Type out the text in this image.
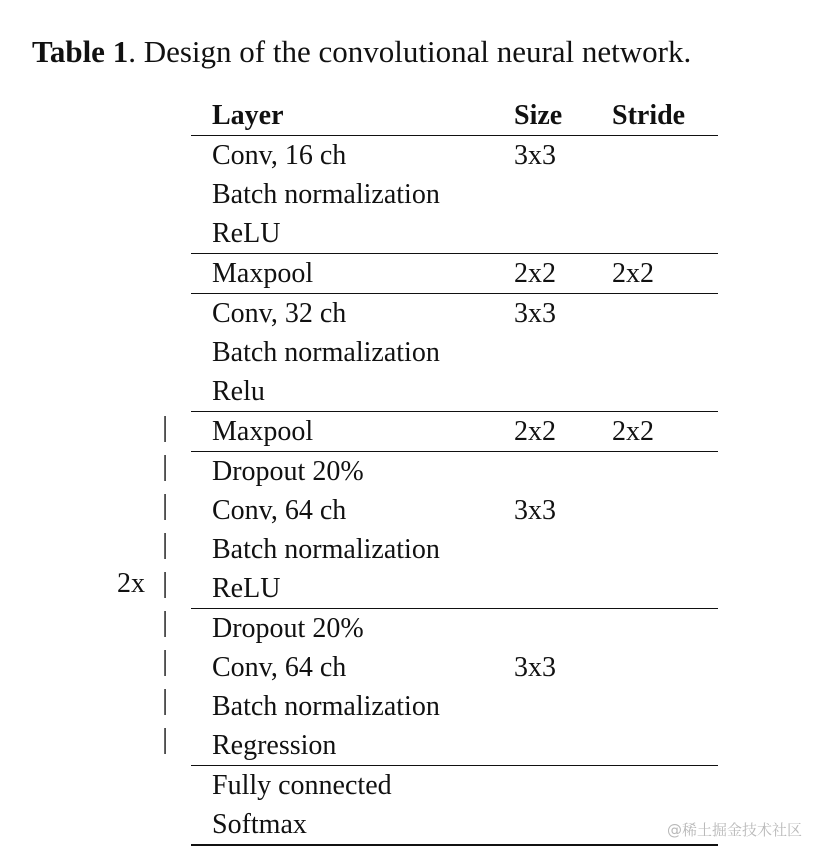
Table 1. Design of the convolutional neural network.
Layer	Size Stride
Conv, 16 ch	3x3
Batch normalization
ReLU
Maxpool	2x2 2x2
Conv, 32 ch	3x3
Batch normalization
Relu
Maxpool	2x2 2x2
Dropout 20%
Conv, 64 ch	3x3
Batch normalization
ReLU
Dropout 20%
Conv, 64 ch	3x3
Batch normalization
Regression
Fully connected
Softmax
|
|
|
|
|
|
|
|
|
2x
@稀土掘金技术社区
